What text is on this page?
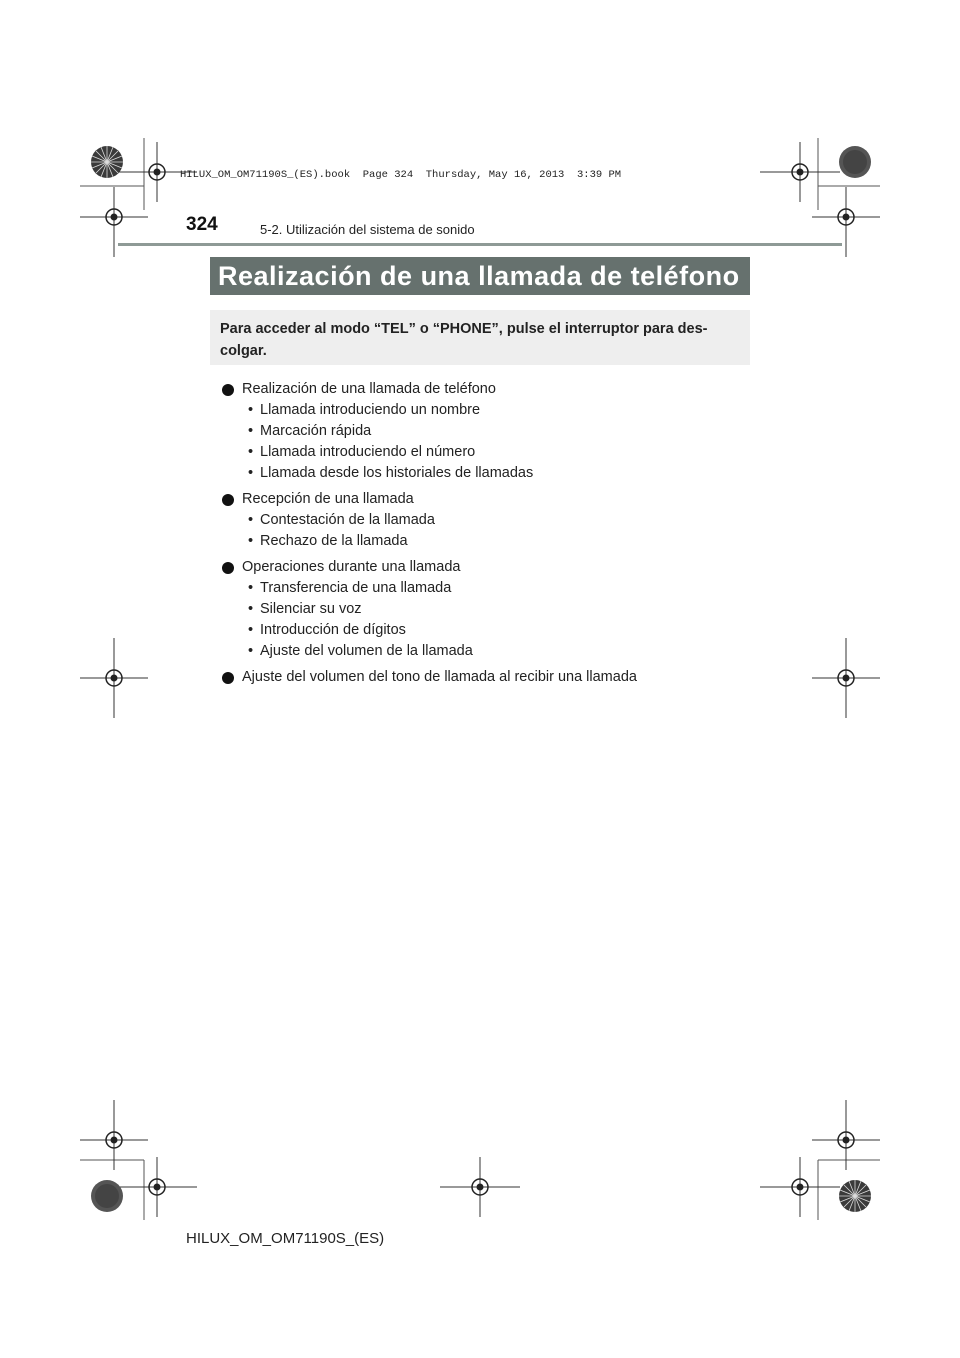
HILUX_OM_OM71190S_(ES).book  Page 324  Thursday, May 16, 2013  3:39 PM
324	5-2. Utilización del sistema de sonido
Realización de una llamada de teléfono
Para acceder al modo “TEL” o “PHONE”, pulse el interruptor para des-colgar.
Realización de una llamada de teléfono
• Llamada introduciendo un nombre
• Marcación rápida
• Llamada introduciendo el número
• Llamada desde los historiales de llamadas
Recepción de una llamada
• Contestación de la llamada
• Rechazo de la llamada
Operaciones durante una llamada
• Transferencia de una llamada
• Silenciar su voz
• Introducción de dígitos
• Ajuste del volumen de la llamada
Ajuste del volumen del tono de llamada al recibir una llamada
HILUX_OM_OM71190S_(ES)
